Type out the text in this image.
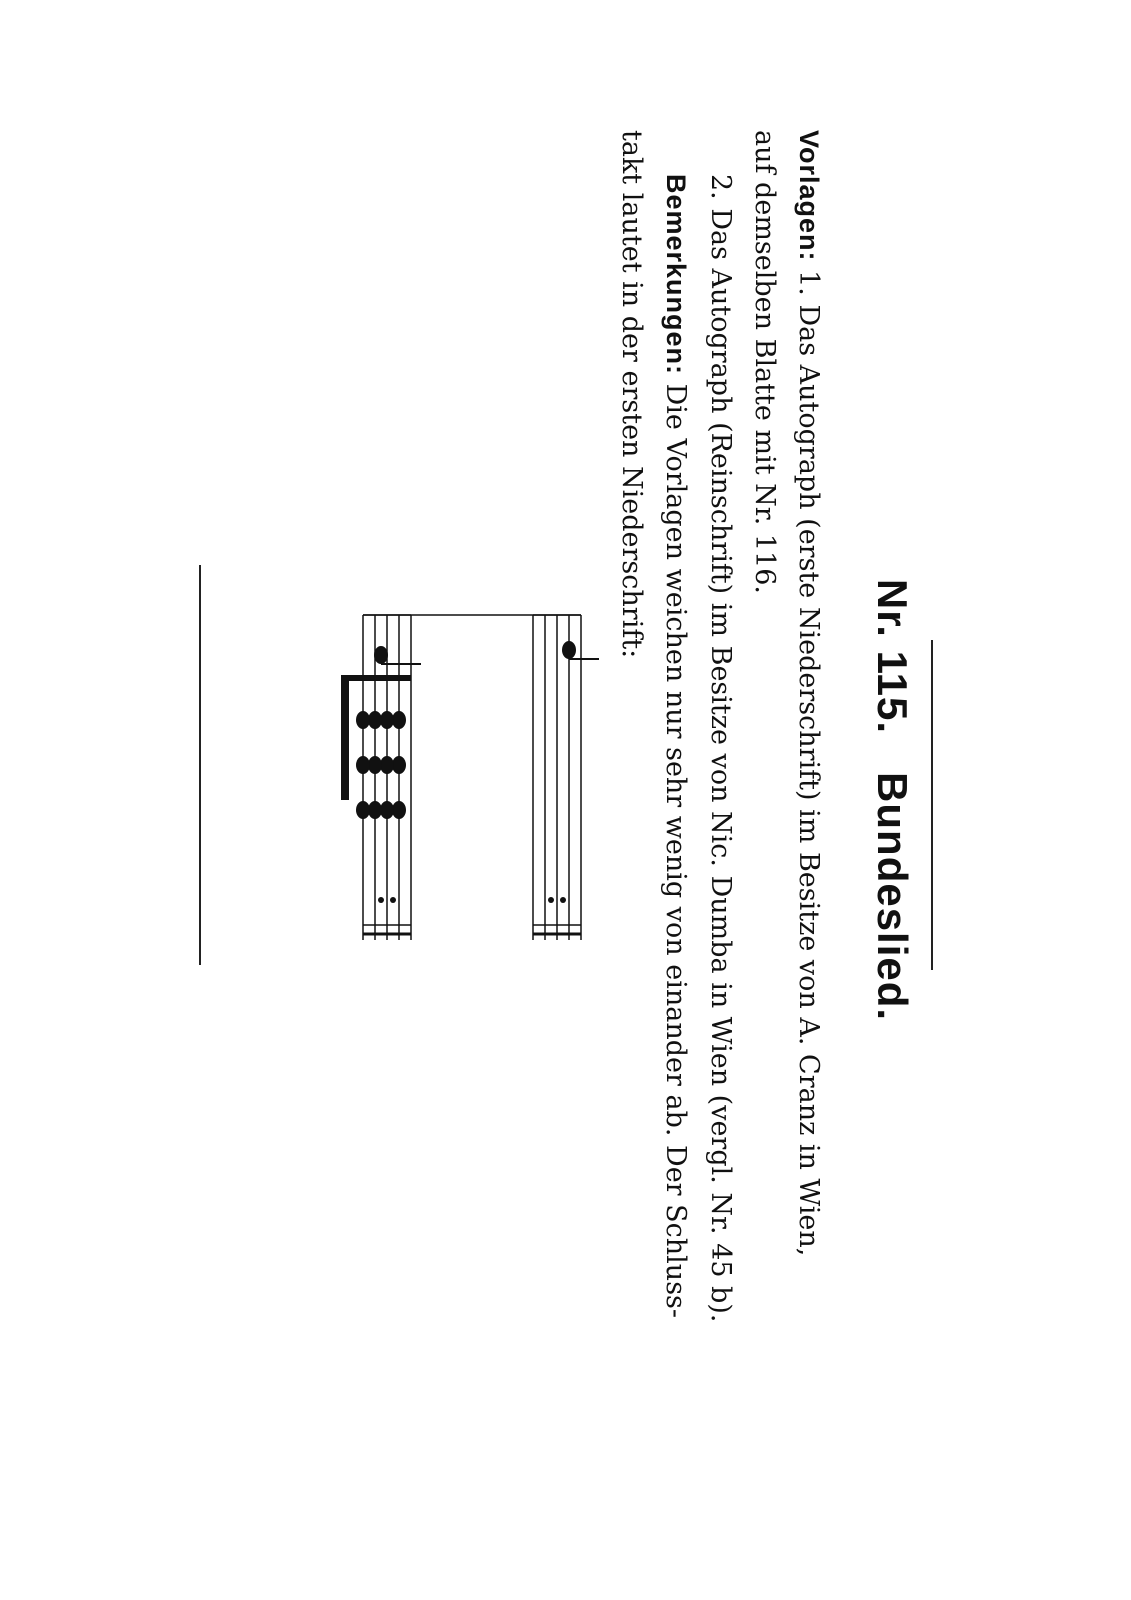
Nr. 115.   Bundeslied.

Vorlagen: 1. Das Autograph (erste Niederschrift) im Besitze von A. Cranz in Wien,
auf demselben Blatte mit Nr. 116.
2. Das Autograph (Reinschrift) im Besitze von Nic. Dumba in Wien (vergl. Nr. 45 b).
Bemerkungen: Die Vorlagen weichen nur sehr wenig von einander ab. Der Schluss-
takt lautet in der ersten Niederschrift:
